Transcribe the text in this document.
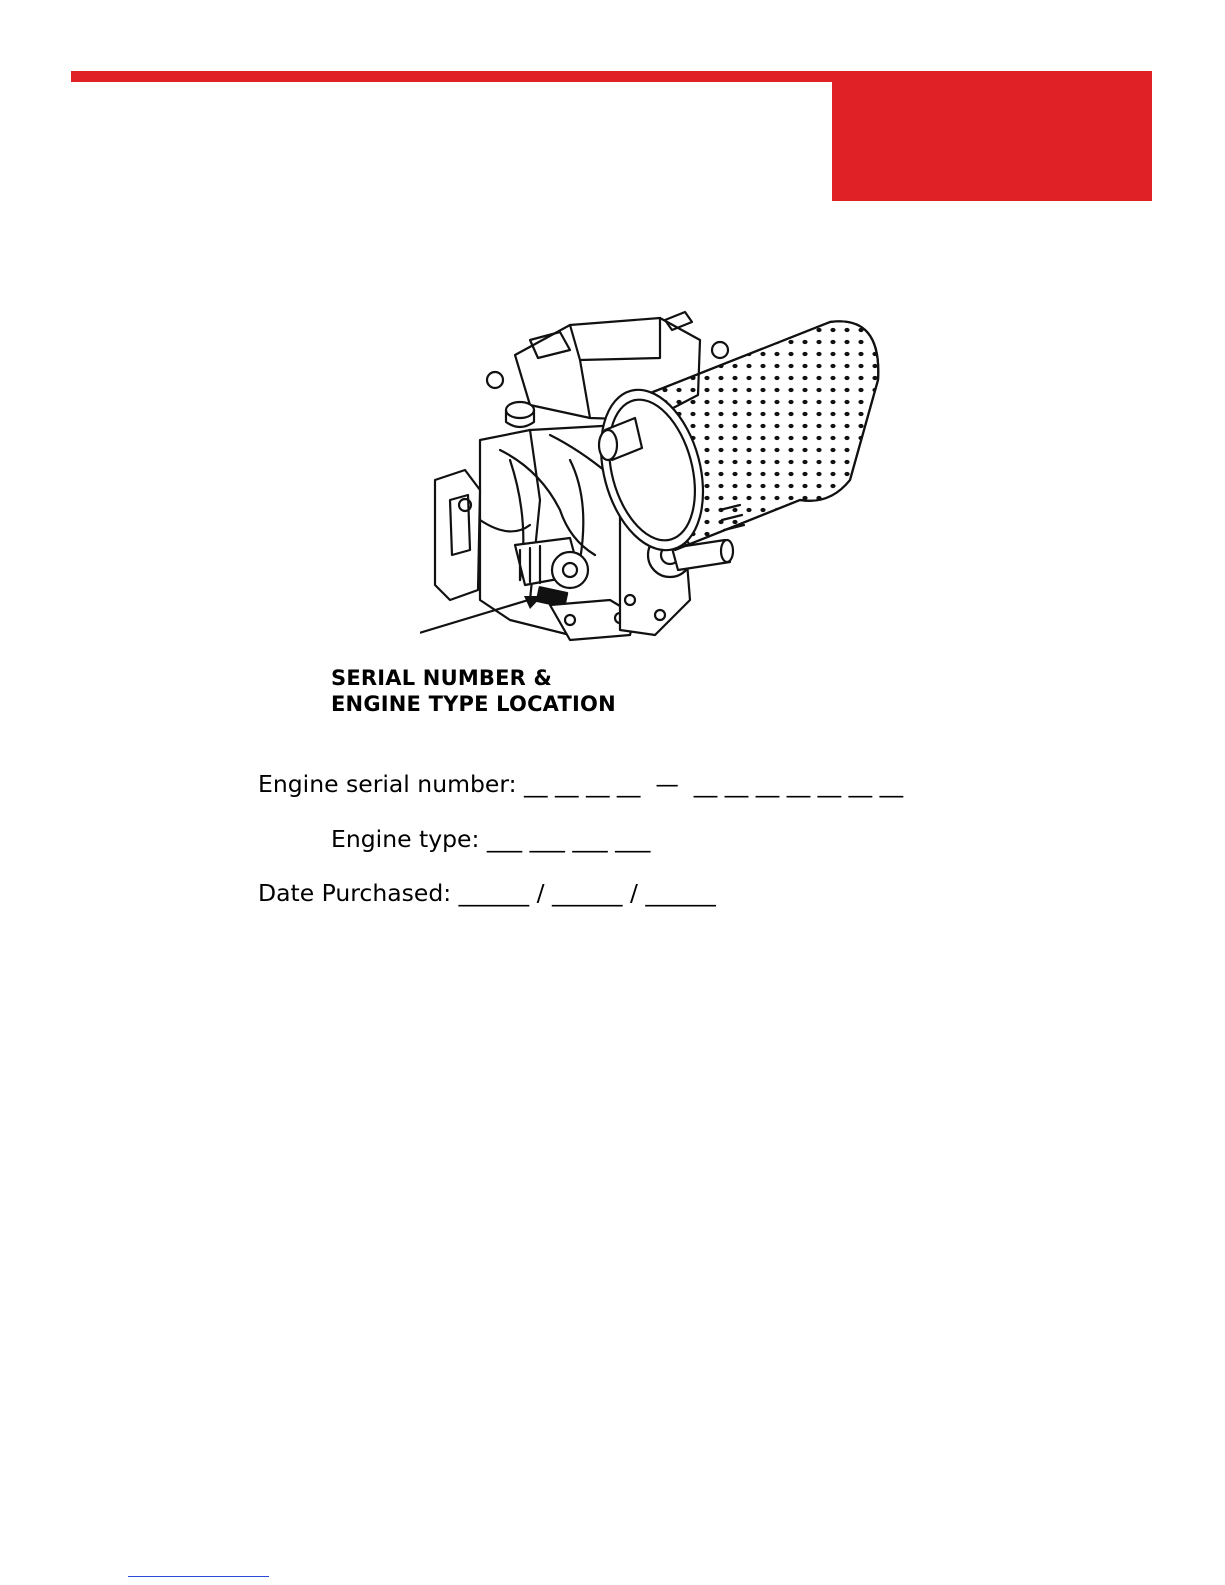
SERIAL NUMBER &
ENGINE TYPE LOCATION
Engine serial number: __ __ __ __  —  __ __ __ __ __ __ __
Engine type: ___ ___ ___ ___
Date Purchased: ______ / ______ / ______
